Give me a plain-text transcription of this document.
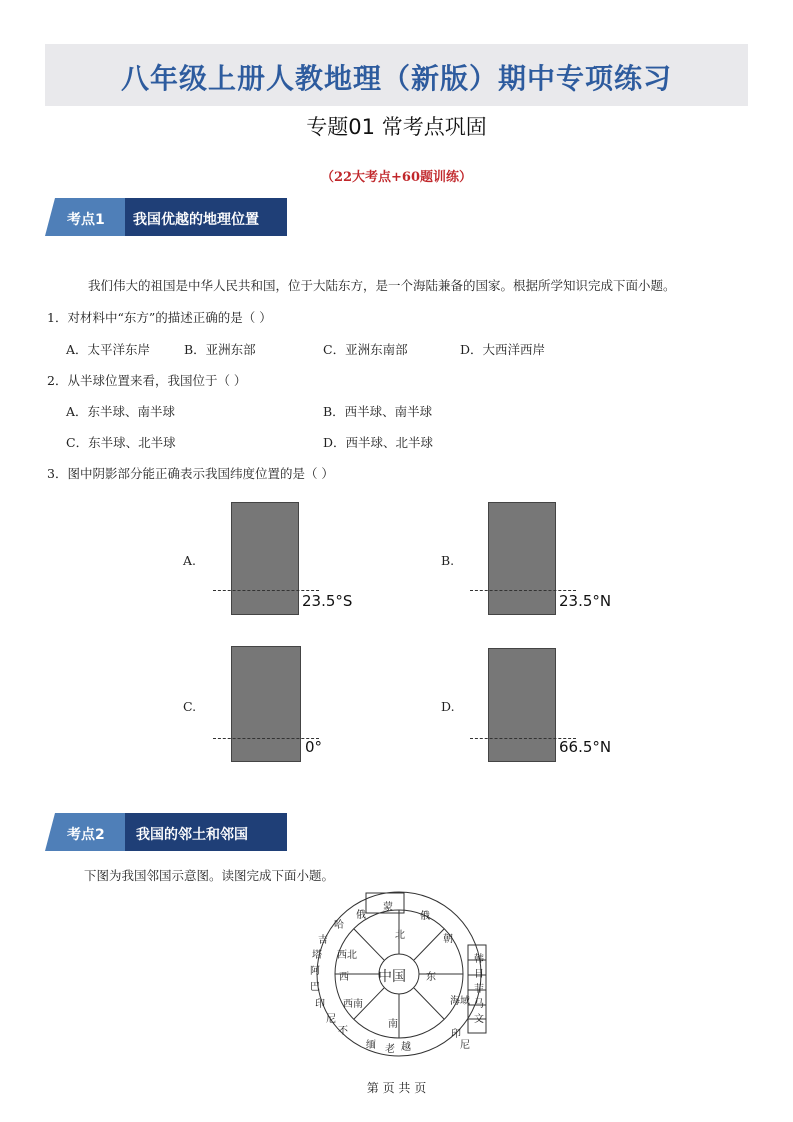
八年级上册人教地理（新版）期中专项练习
专题01 常考点巩固
（22大考点+60题训练）
考点1 我国优越的地理位置
我们伟大的祖国是中华人民共和国，位于大陆东方，是一个海陆兼备的国家。根据所学知识完成下面小题。
1．对材料中“东方”的描述正确的是（ ）
A．太平洋东岸	B．亚洲东部	C．亚洲东南部	D．大西洋西岸
2．从半球位置来看，我国位于（ ）
A．东半球、南半球	B．西半球、南半球
C．东半球、北半球	D．西半球、北半球
3．图中阴影部分能正确表示我国纬度位置的是（ ）
A.
23.5°S
B.
23.5°N
C.
0°
D.
66.5°N
考点2 我国的邻土和邻国
下图为我国邻国示意图。读图完成下面小题。
中国
北
东
南
西
西北
西南	海域
蒙
俄
朝
俄
哈
吉
塔
阿
巴
印
尼
不
缅 老 越
韩
日
菲
马
文
印
尼
第 页 共 页
